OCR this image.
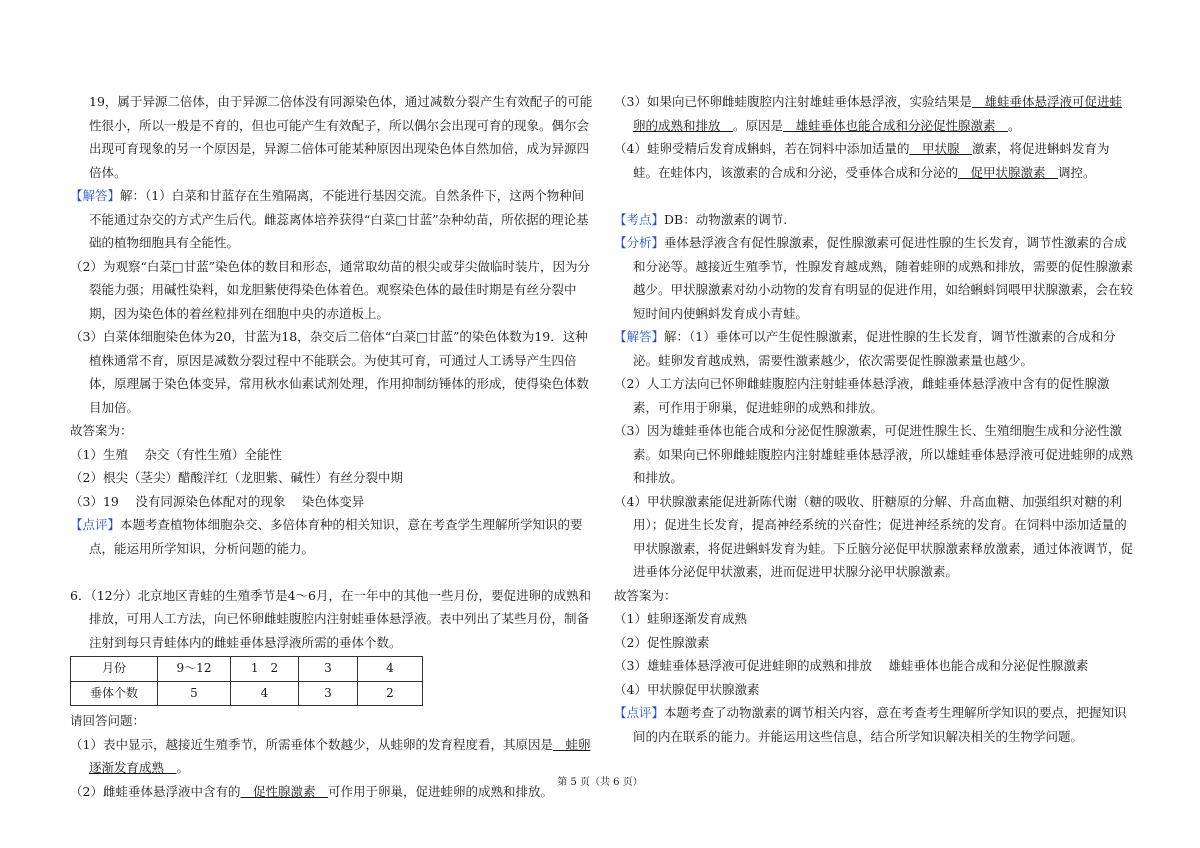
19，属于异源二倍体，由于异源二倍体没有同源染色体，通过减数分裂产生有效配子的可能性很小，所以一般是不育的，但也可能产生有效配子，所以偶尔会出现可育的现象。偶尔会出现可育现象的另一个原因是，异源二倍体可能某种原因出现染色体自然加倍，成为异源四倍体。

【解答】解：（1）白菜和甘蓝存在生殖隔离，不能进行基因交流。自然条件下，这两个物种间不能通过杂交的方式产生后代。雌蕊离体培养获得“白菜□甘蓝”杂种幼苗，所依据的理论基础的植物细胞具有全能性。

（2）为观察“白菜□甘蓝”染色体的数目和形态，通常取幼苗的根尖或芽尖做临时装片，因为分裂能力强；用碱性染料，如龙胆紫使得染色体着色。观察染色体的最佳时期是有丝分裂中期，因为染色体的着丝粒排列在细胞中央的赤道板上。

（3）白菜体细胞染色体为20，甘蓝为18，杂交后二倍体“白菜□甘蓝”的染色体数为19．这种植株通常不育，原因是减数分裂过程中不能联会。为使其可育，可通过人工诱导产生四倍体，原理属于染色体变异，常用秋水仙素试剂处理，作用抑制纺锤体的形成，使得染色体数目加倍。

故答案为：

（1）生殖　 杂交（有性生殖）全能性

（2）根尖（茎尖）醋酸洋红（龙胆紫、碱性）有丝分裂中期

（3）19　 没有同源染色体配对的现象　 染色体变异

【点评】本题考查植物体细胞杂交、多倍体育种的相关知识，意在考查学生理解所学知识的要点，能运用所学知识，分析问题的能力。

6．（12分）北京地区青蛙的生殖季节是4～6月，在一年中的其他一些月份，要促进卵的成熟和排放，可用人工方法，向已怀卵雌蛙腹腔内注射蛙垂体悬浮液。表中列出了某些月份，制备注射到每只青蛙体内的雌蛙垂体悬浮液所需的垂体个数。

月份	9～12	1　2	3	4
垂体个数	5	4	3	2

请回答问题：

（1）表中显示，越接近生殖季节，所需垂体个数越少，从蛙卵的发育程度看，其原因是　蛙卵逐渐发育成熟　。

（2）雌蛙垂体悬浮液中含有的　促性腺激素　可作用于卵巢，促进蛙卵的成熟和排放。

（3）如果向已怀卵雌蛙腹腔内注射雄蛙垂体悬浮液，实验结果是　雄蛙垂体悬浮液可促进蛙卵的成熟和排放　。原因是　雄蛙垂体也能合成和分泌促性腺激素　。

（4）蛙卵受精后发育成蝌蚪，若在饲料中添加适量的　甲状腺　激素，将促进蝌蚪发育为蛙。在蛙体内，该激素的合成和分泌，受垂体合成和分泌的　促甲状腺激素　调控。

【考点】DB：动物激素的调节.

【分析】垂体悬浮液含有促性腺激素，促性腺激素可促进性腺的生长发育，调节性激素的合成和分泌等。越接近生殖季节，性腺发育越成熟，随着蛙卵的成熟和排放，需要的促性腺激素越少。甲状腺激素对幼小动物的发育有明显的促进作用，如给蝌蚪饲喂甲状腺激素，会在较短时间内使蝌蚪发育成小青蛙。

【解答】解：（1）垂体可以产生促性腺激素，促进性腺的生长发育，调节性激素的合成和分泌。蛙卵发育越成熟，需要性激素越少，依次需要促性腺激素量也越少。

（2）人工方法向已怀卵雌蛙腹腔内注射蛙垂体悬浮液，雌蛙垂体悬浮液中含有的促性腺激素，可作用于卵巢，促进蛙卵的成熟和排放。

（3）因为雄蛙垂体也能合成和分泌促性腺激素，可促进性腺生长、生殖细胞生成和分泌性激素。如果向已怀卵雌蛙腹腔内注射雄蛙垂体悬浮液，所以雄蛙垂体悬浮液可促进蛙卵的成熟和排放。

（4）甲状腺激素能促进新陈代谢（糖的吸收、肝糖原的分解、升高血糖、加强组织对糖的利用）；促进生长发育，提高神经系统的兴奋性；促进神经系统的发育。在饲料中添加适量的甲状腺激素，将促进蝌蚪发育为蛙。下丘脑分泌促甲状腺激素释放激素，通过体液调节，促进垂体分泌促甲状激素，进而促进甲状腺分泌甲状腺激素。

故答案为：

（1）蛙卵逐渐发育成熟

（2）促性腺激素

（3）雄蛙垂体悬浮液可促进蛙卵的成熟和排放　 雄蛙垂体也能合成和分泌促性腺激素

（4）甲状腺促甲状腺激素

【点评】本题考查了动物激素的调节相关内容，意在考查考生理解所学知识的要点，把握知识间的内在联系的能力。并能运用这些信息，结合所学知识解决相关的生物学问题。

第 5 页（共 6 页）
